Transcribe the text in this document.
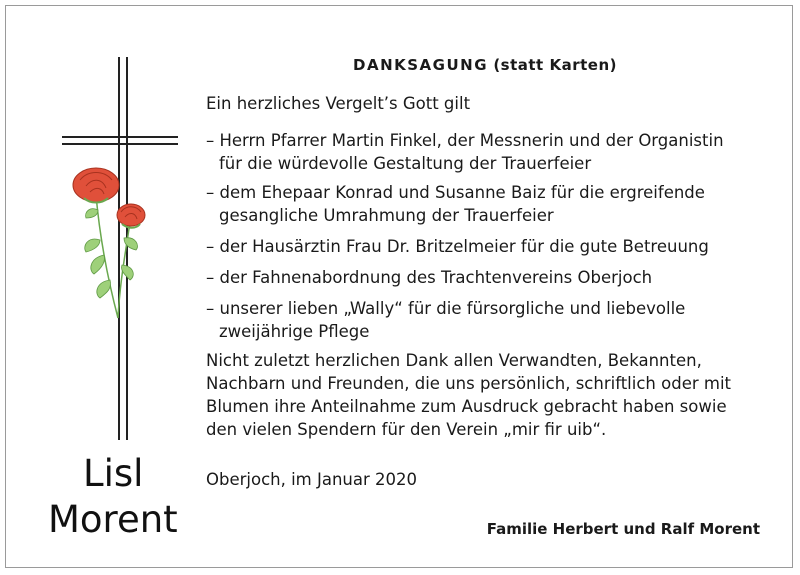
DANKSAGUNG (statt Karten)
Ein herzliches Vergelt’s Gott gilt
– Herrn Pfarrer Martin Finkel, der Messnerin und der Organistin
für die würdevolle Gestaltung der Trauerfeier
– dem Ehepaar Konrad und Susanne Baiz für die ergreifende
gesangliche Umrahmung der Trauerfeier
– der Hausärztin Frau Dr. Britzelmeier für die gute Betreuung
– der Fahnenabordnung des Trachtenvereins Oberjoch
– unserer lieben „Wally“ für die fürsorgliche und liebevolle
zweijährige Pflege
Nicht zuletzt herzlichen Dank allen Verwandten, Bekannten,
Nachbarn und Freunden, die uns persönlich, schriftlich oder mit
Blumen ihre Anteilnahme zum Ausdruck gebracht haben sowie
den vielen Spendern für den Verein „mir fir uib“.
Lisl
Morent
Oberjoch, im Januar 2020
Familie Herbert und Ralf Morent
